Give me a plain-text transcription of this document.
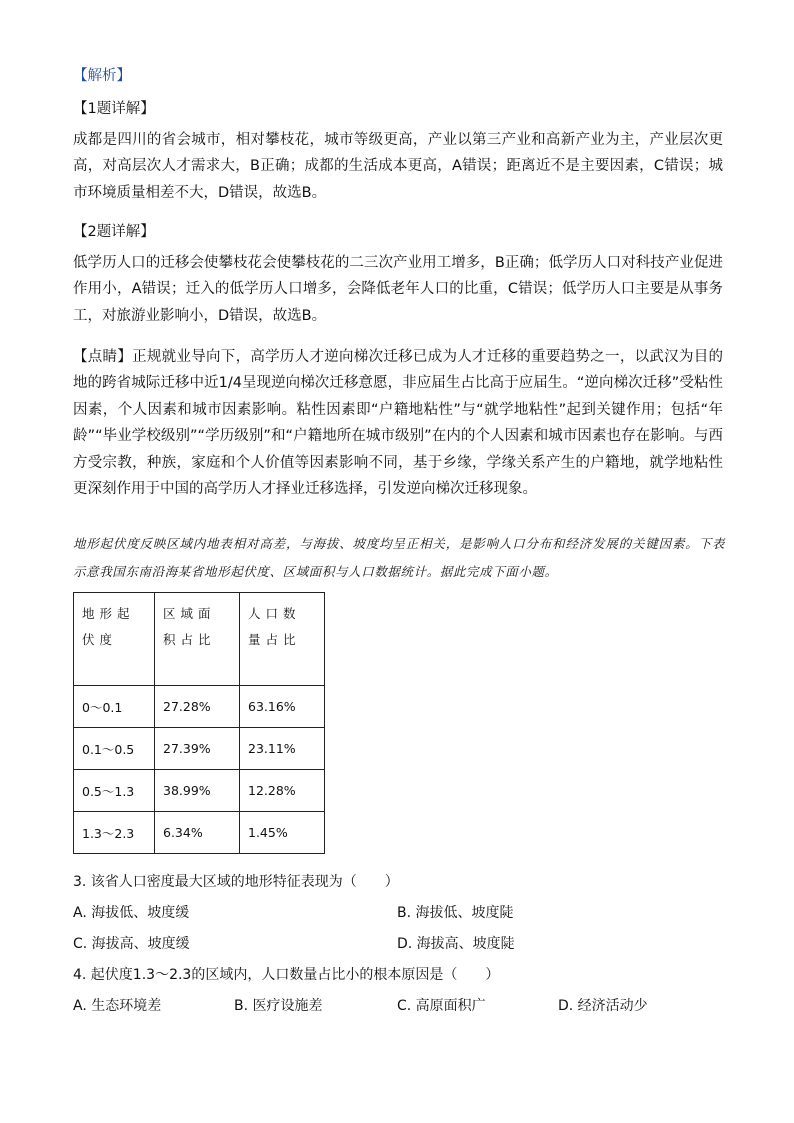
【解析】
【1题详解】
成都是四川的省会城市，相对攀枝花，城市等级更高，产业以第三产业和高新产业为主，产业层次更高，对高层次人才需求大，B正确；成都的生活成本更高，A错误；距离近不是主要因素，C错误；城市环境质量相差不大，D错误，故选B。
【2题详解】
低学历人口的迁移会使攀枝花会使攀枝花的二三次产业用工增多，B正确；低学历人口对科技产业促进作用小，A错误；迁入的低学历人口增多，会降低老年人口的比重，C错误；低学历人口主要是从事务工，对旅游业影响小，D错误，故选B。
【点睛】正规就业导向下，高学历人才逆向梯次迁移已成为人才迁移的重要趋势之一，以武汉为目的地的跨省城际迁移中近1/4呈现逆向梯次迁移意愿，非应届生占比高于应届生。“逆向梯次迁移”受粘性因素，个人因素和城市因素影响。粘性因素即“户籍地粘性”与“就学地粘性”起到关键作用；包括“年龄”“毕业学校级别”“学历级别”和“户籍地所在城市级别”在内的个人因素和城市因素也存在影响。与西方受宗教，种族，家庭和个人价值等因素影响不同，基于乡缘，学缘关系产生的户籍地，就学地粘性更深刻作用于中国的高学历人才择业迁移选择，引发逆向梯次迁移现象。
地形起伏度反映区域内地表相对高差，与海拔、坡度均呈正相关，是影响人口分布和经济发展的关键因素。下表示意我国东南沿海某省地形起伏度、区域面积与人口数据统计。据此完成下面小题。
地形起伏度	区域面积占比	人口数量占比
0～0.1	27.28%	63.16%
0.1～0.5	27.39%	23.11%
0.5～1.3	38.99%	12.28%
1.3～2.3	6.34%	1.45%
3. 该省人口密度最大区域的地形特征表现为（　　）
A. 海拔低、坡度缓	B. 海拔低、坡度陡
C. 海拔高、坡度缓	D. 海拔高、坡度陡
4. 起伏度1.3～2.3的区域内，人口数量占比小的根本原因是（　　）
A. 生态环境差	B. 医疗设施差	C. 高原面积广	D. 经济活动少
